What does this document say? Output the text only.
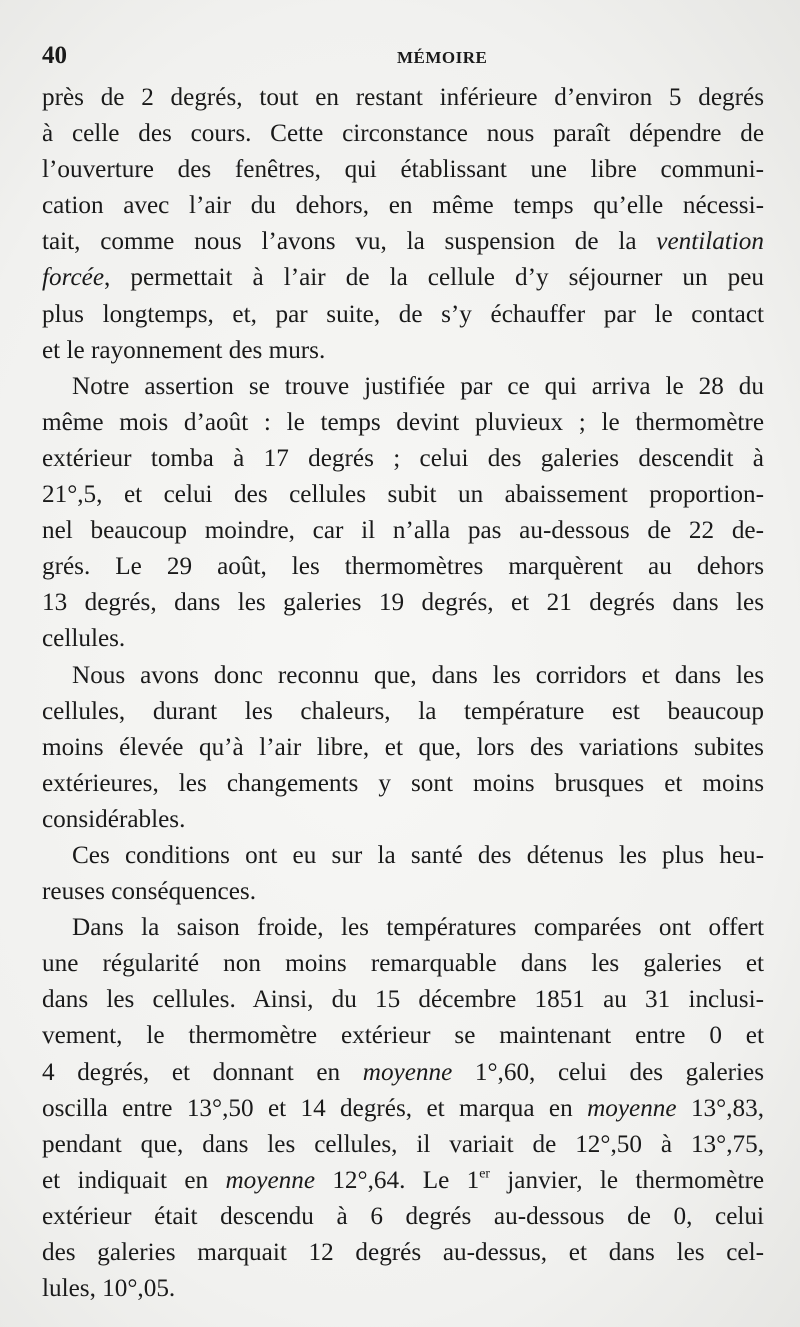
40	MÉMOIRE
près de 2 degrés, tout en restant inférieure d’environ 5 degrés
à celle des cours. Cette circonstance nous paraît dépendre de
l’ouverture des fenêtres, qui établissant une libre communi-
cation avec l’air du dehors, en même temps qu’elle nécessi-
tait, comme nous l’avons vu, la suspension de la ventilation
forcée, permettait à l’air de la cellule d’y séjourner un peu
plus longtemps, et, par suite, de s’y échauffer par le contact
et le rayonnement des murs.
Notre assertion se trouve justifiée par ce qui arriva le 28 du
même mois d’août : le temps devint pluvieux ; le thermomètre
extérieur tomba à 17 degrés ; celui des galeries descendit à
21°,5, et celui des cellules subit un abaissement proportion-
nel beaucoup moindre, car il n’alla pas au-dessous de 22 de-
grés. Le 29 août, les thermomètres marquèrent au dehors
13 degrés, dans les galeries 19 degrés, et 21 degrés dans les
cellules.
Nous avons donc reconnu que, dans les corridors et dans les
cellules, durant les chaleurs, la température est beaucoup
moins élevée qu’à l’air libre, et que, lors des variations subites
extérieures, les changements y sont moins brusques et moins
considérables.
Ces conditions ont eu sur la santé des détenus les plus heu-
reuses conséquences.
Dans la saison froide, les températures comparées ont offert
une régularité non moins remarquable dans les galeries et
dans les cellules. Ainsi, du 15 décembre 1851 au 31 inclusi-
vement, le thermomètre extérieur se maintenant entre 0 et
4 degrés, et donnant en moyenne 1°,60, celui des galeries
oscilla entre 13°,50 et 14 degrés, et marqua en moyenne 13°,83,
pendant que, dans les cellules, il variait de 12°,50 à 13°,75,
et indiquait en moyenne 12°,64. Le 1er janvier, le thermomètre
extérieur était descendu à 6 degrés au-dessous de 0, celui
des galeries marquait 12 degrés au-dessus, et dans les cel-
lules, 10°,05.
